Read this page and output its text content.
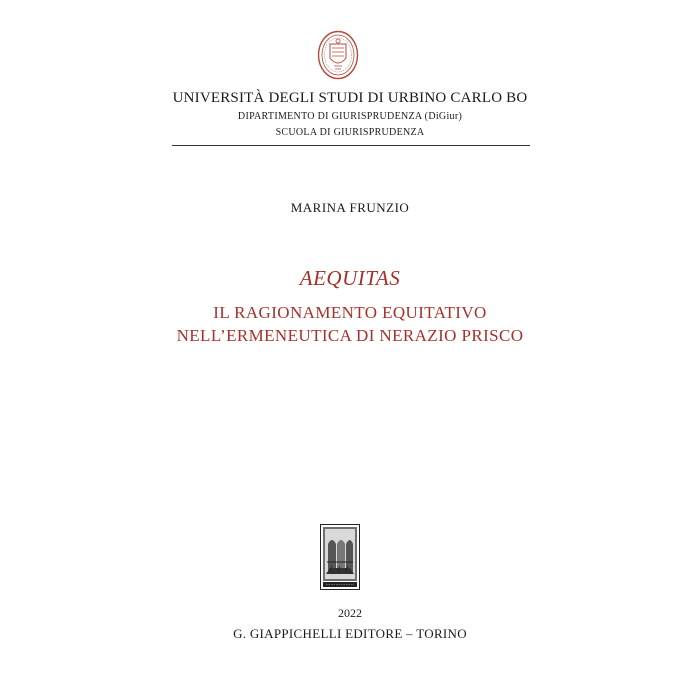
UNIVERSITÀ DEGLI STUDI DI URBINO CARLO BO
DIPARTIMENTO DI GIURISPRUDENZA (DiGiur)
SCUOLA DI GIURISPRUDENZA
MARINA FRUNZIO
AEQUITAS
IL RAGIONAMENTO EQUITATIVO
NELL’ERMENEUTICA DI NERAZIO PRISCO
2022
G. GIAPPICHELLI EDITORE – TORINO
